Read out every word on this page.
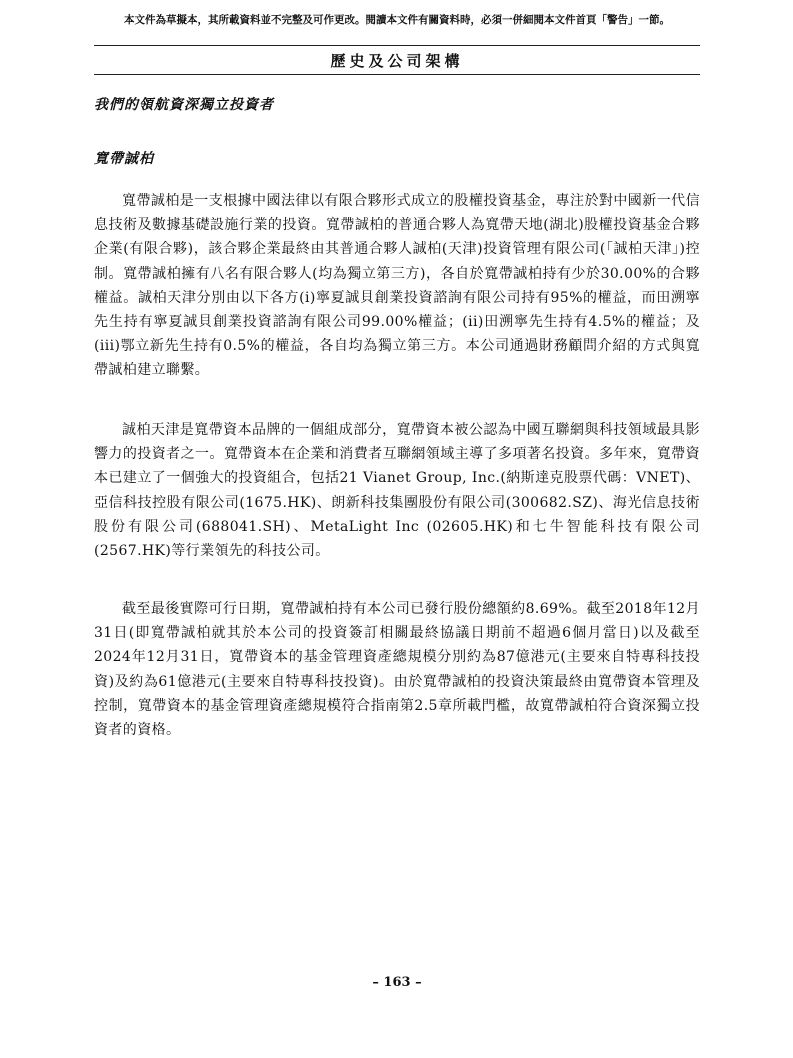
本文件為草擬本，其所載資料並不完整及可作更改。閱讀本文件有關資料時，必須一併細閱本文件首頁「警告」一節。
歷史及公司架構
我們的領航資深獨立投資者
寬帶誠柏
寬帶誠柏是一支根據中國法律以有限合夥形式成立的股權投資基金，專注於對中國新一代信息技術及數據基礎設施行業的投資。寬帶誠柏的普通合夥人為寬帶天地(湖北)股權投資基金合夥企業(有限合夥)，該合夥企業最終由其普通合夥人誠柏(天津)投資管理有限公司(「誠柏天津」)控制。寬帶誠柏擁有八名有限合夥人(均為獨立第三方)，各自於寬帶誠柏持有少於30.00%的合夥權益。誠柏天津分別由以下各方(i)寧夏誠貝創業投資諮詢有限公司持有95%的權益，而田溯寧先生持有寧夏誠貝創業投資諮詢有限公司99.00%權益；(ii)田溯寧先生持有4.5%的權益；及(iii)鄂立新先生持有0.5%的權益，各自均為獨立第三方。本公司通過財務顧問介紹的方式與寬帶誠柏建立聯繫。
誠柏天津是寬帶資本品牌的一個組成部分，寬帶資本被公認為中國互聯網與科技領域最具影響力的投資者之一。寬帶資本在企業和消費者互聯網領域主導了多項著名投資。多年來，寬帶資本已建立了一個強大的投資組合，包括21 Vianet Group, Inc.(納斯達克股票代碼：VNET)、亞信科技控股有限公司(1675.HK)、朗新科技集團股份有限公司(300682.SZ)、海光信息技術股份有限公司(688041.SH)、MetaLight Inc (02605.HK)和七牛智能科技有限公司(2567.HK)等行業領先的科技公司。
截至最後實際可行日期，寬帶誠柏持有本公司已發行股份總額約8.69%。截至2018年12月31日(即寬帶誠柏就其於本公司的投資簽訂相關最終協議日期前不超過6個月當日)以及截至2024年12月31日，寬帶資本的基金管理資產總規模分別約為87億港元(主要來自特專科技投資)及約為61億港元(主要來自特專科技投資)。由於寬帶誠柏的投資決策最終由寬帶資本管理及控制，寬帶資本的基金管理資產總規模符合指南第2.5章所載門檻，故寬帶誠柏符合資深獨立投資者的資格。
– 163 –
